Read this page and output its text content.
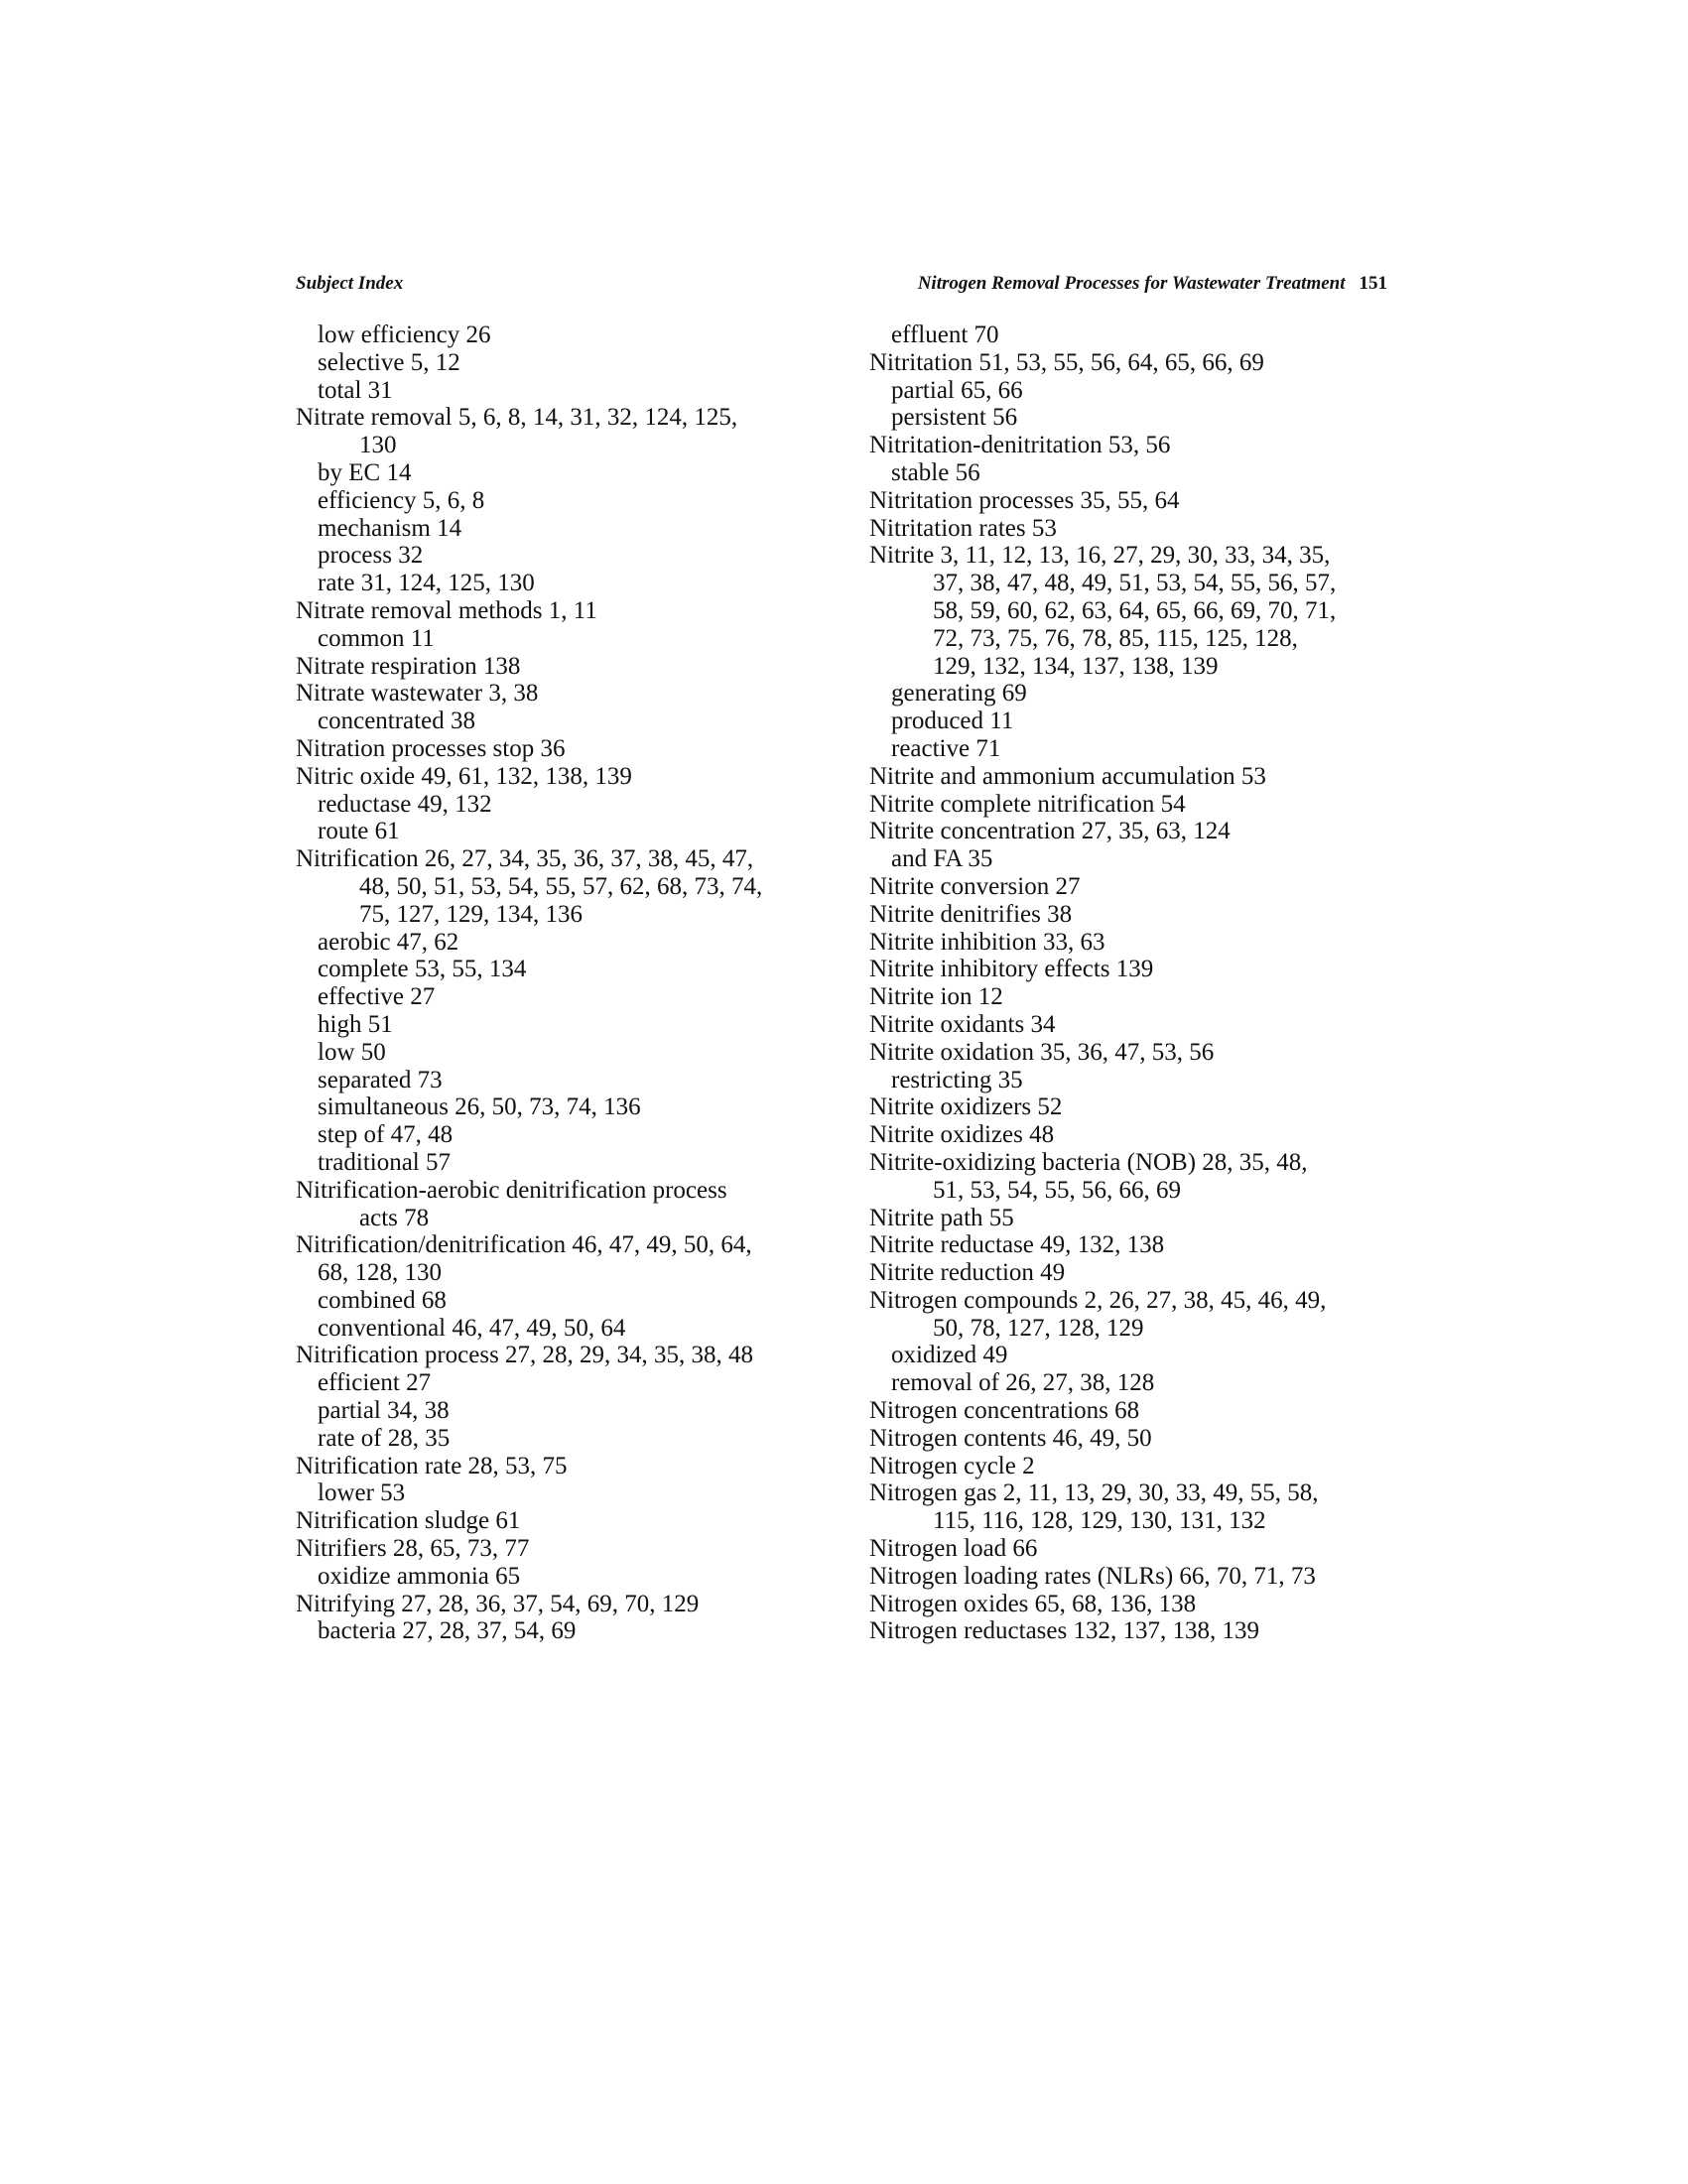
Subject Index	Nitrogen Removal Processes for Wastewater Treatment 151
low efficiency 26
selective 5, 12
total 31
Nitrate removal 5, 6, 8, 14, 31, 32, 124, 125,
130
by EC 14
efficiency 5, 6, 8
mechanism 14
process 32
rate 31, 124, 125, 130
Nitrate removal methods 1, 11
common 11
Nitrate respiration 138
Nitrate wastewater 3, 38
concentrated 38
Nitration processes stop 36
Nitric oxide 49, 61, 132, 138, 139
reductase 49, 132
route 61
Nitrification 26, 27, 34, 35, 36, 37, 38, 45, 47,
48, 50, 51, 53, 54, 55, 57, 62, 68, 73, 74,
75, 127, 129, 134, 136
aerobic 47, 62
complete 53, 55, 134
effective 27
high 51
low 50
separated 73
simultaneous 26, 50, 73, 74, 136
step of 47, 48
traditional 57
Nitrification-aerobic denitrification process
acts 78
Nitrification/denitrification 46, 47, 49, 50, 64,
68, 128, 130
combined 68
conventional 46, 47, 49, 50, 64
Nitrification process 27, 28, 29, 34, 35, 38, 48
efficient 27
partial 34, 38
rate of 28, 35
Nitrification rate 28, 53, 75
lower 53
Nitrification sludge 61
Nitrifiers 28, 65, 73, 77
oxidize ammonia 65
Nitrifying 27, 28, 36, 37, 54, 69, 70, 129
bacteria 27, 28, 37, 54, 69
effluent 70
Nitritation 51, 53, 55, 56, 64, 65, 66, 69
partial 65, 66
persistent 56
Nitritation-denitritation 53, 56
stable 56
Nitritation processes 35, 55, 64
Nitritation rates 53
Nitrite 3, 11, 12, 13, 16, 27, 29, 30, 33, 34, 35,
37, 38, 47, 48, 49, 51, 53, 54, 55, 56, 57,
58, 59, 60, 62, 63, 64, 65, 66, 69, 70, 71,
72, 73, 75, 76, 78, 85, 115, 125, 128,
129, 132, 134, 137, 138, 139
generating 69
produced 11
reactive 71
Nitrite and ammonium accumulation 53
Nitrite complete nitrification 54
Nitrite concentration 27, 35, 63, 124
and FA 35
Nitrite conversion 27
Nitrite denitrifies 38
Nitrite inhibition 33, 63
Nitrite inhibitory effects 139
Nitrite ion 12
Nitrite oxidants 34
Nitrite oxidation 35, 36, 47, 53, 56
restricting 35
Nitrite oxidizers 52
Nitrite oxidizes 48
Nitrite-oxidizing bacteria (NOB) 28, 35, 48,
51, 53, 54, 55, 56, 66, 69
Nitrite path 55
Nitrite reductase 49, 132, 138
Nitrite reduction 49
Nitrogen compounds 2, 26, 27, 38, 45, 46, 49,
50, 78, 127, 128, 129
oxidized 49
removal of 26, 27, 38, 128
Nitrogen concentrations 68
Nitrogen contents 46, 49, 50
Nitrogen cycle 2
Nitrogen gas 2, 11, 13, 29, 30, 33, 49, 55, 58,
115, 116, 128, 129, 130, 131, 132
Nitrogen load 66
Nitrogen loading rates (NLRs) 66, 70, 71, 73
Nitrogen oxides 65, 68, 136, 138
Nitrogen reductases 132, 137, 138, 139
